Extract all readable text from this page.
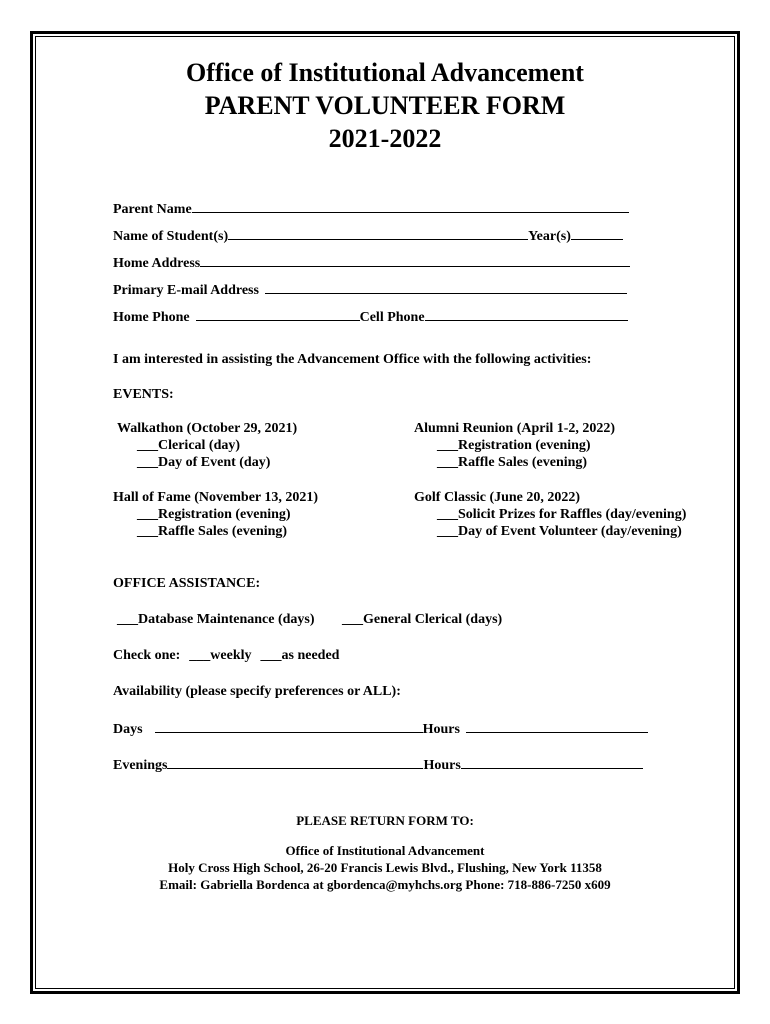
Office of Institutional Advancement

PARENT VOLUNTEER FORM

2021-2022

Parent Name
Name of Student(s)	Year(s)
Home Address
Primary E-mail Address
Home Phone	Cell Phone
I am interested in assisting the Advancement Office with the following activities:
EVENTS:
Walkathon (October 29, 2021)
___Clerical (day)
___Day of Event (day)
Hall of Fame (November 13, 2021)
___Registration (evening)
___Raffle Sales (evening)
Alumni Reunion (April 1-2, 2022)
___Registration (evening)
___Raffle Sales (evening)
Golf Classic (June 20, 2022)
___Solicit Prizes for Raffles (day/evening)
___Day of Event Volunteer (day/evening)
OFFICE ASSISTANCE:
___Database Maintenance (days) ___General Clerical (days)
Check one: ___weekly ___as needed
Availability (please specify preferences or ALL):
Days	Hours
Evenings	Hours
PLEASE RETURN FORM TO:
Office of Institutional Advancement
Holy Cross High School, 26-20 Francis Lewis Blvd., Flushing, New York 11358
Email: Gabriella Bordenca at gbordenca@myhchs.org Phone: 718-886-7250 x609
